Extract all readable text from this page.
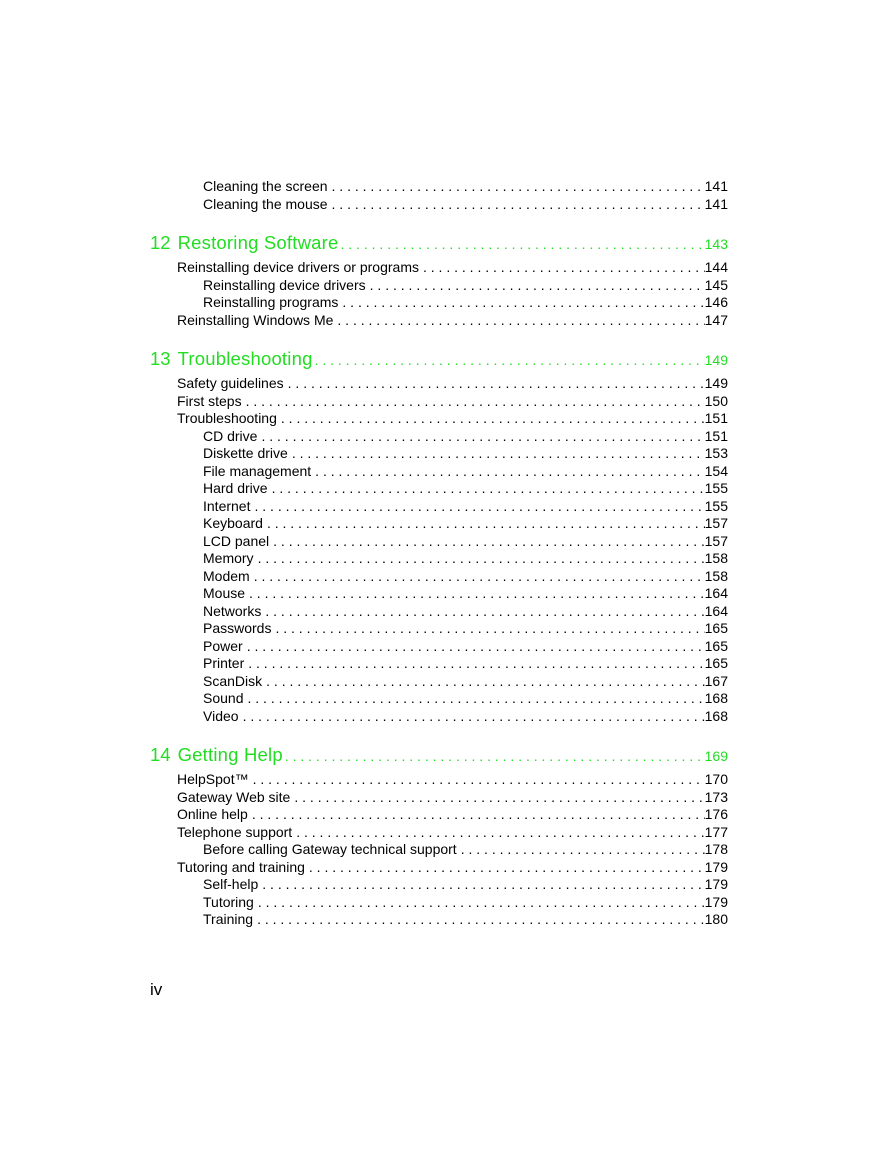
Cleaning the screen . . .	141
Cleaning the mouse . . .	141
12 Restoring Software . . .	143
Reinstalling device drivers or programs . . .	144
Reinstalling device drivers . . .	145
Reinstalling programs . . .	146
Reinstalling Windows Me . . .	147
13 Troubleshooting . . .	149
Safety guidelines . . .	149
First steps . . .	150
Troubleshooting . . .	151
CD drive . . .	151
Diskette drive . . .	153
File management . . .	154
Hard drive . . .	155
Internet . . .	155
Keyboard . . .	157
LCD panel . . .	157
Memory . . .	158
Modem . . .	158
Mouse . . .	164
Networks . . .	164
Passwords . . .	165
Power . . .	165
Printer . . .	165
ScanDisk . . .	167
Sound . . .	168
Video . . .	168
14 Getting Help . . .	169
HelpSpot™ . . .	170
Gateway Web site . . .	173
Online help . . .	176
Telephone support . . .	177
Before calling Gateway technical support . . .	178
Tutoring and training . . .	179
Self-help . . .	179
Tutoring . . .	179
Training . . .	180
iv
